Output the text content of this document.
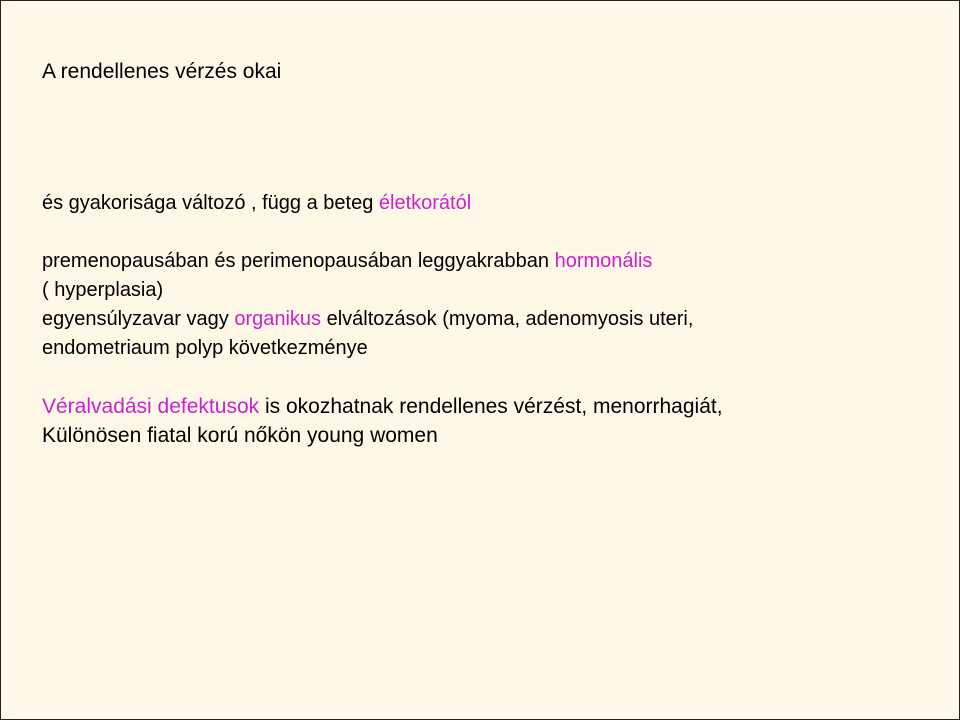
A rendellenes vérzés okai
és gyakorisága változó , függ a beteg életkorától
premenopausában és perimenopausában leggyakrabban hormonális
( hyperplasia)
egyensúlyzavar vagy organikus elváltozások (myoma, adenomyosis uteri,
endometriaum polyp következménye
Véralvadási defektusok is okozhatnak rendellenes vérzést, menorrhagiát,
Különösen fiatal korú nőkön young women
